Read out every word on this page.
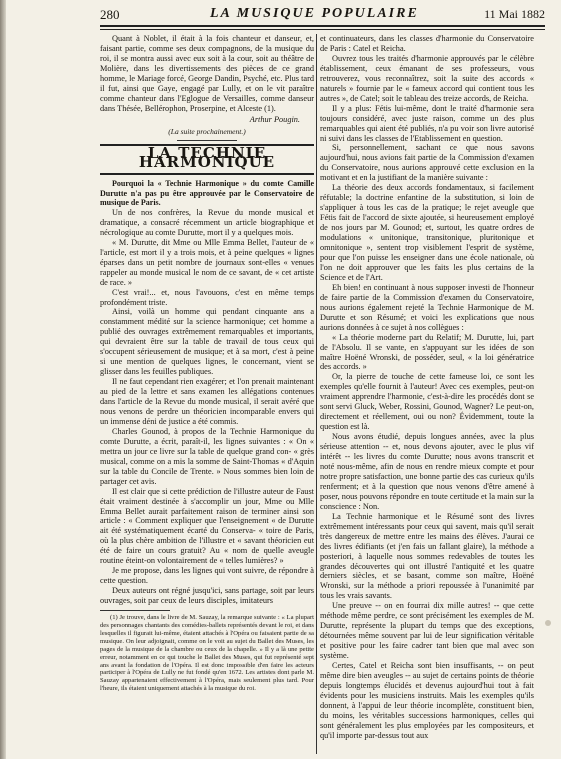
280	LA MUSIQUE POPULAIRE	11 Mai 1882

Quant à Noblet, il était à la fois chanteur et danseur, et, faisant partie, comme ses deux compagnons, de la musique du roi, il se montra aussi avec eux soit à la cour, soit au théâtre de Molière, dans les divertissements des pièces de ce grand homme, le Mariage forcé, George Dandin, Psyché, etc. Plus tard il fut, ainsi que Gaye, engagé par Lully, et on le vit paraître comme chanteur dans l'Eglogue de Versailles, comme danseur dans Thésée, Bellérophon, Proserpine, et Alceste (1).

Arthur Pougin.

(La suite prochainement.)

LA TECHNIE HARMONIQUE

Pourquoi la « Technie Harmonique » du comte Camille Durutte n'a pas pu être approuvée par le Conservatoire de musique de Paris.

Un de nos confrères, la Revue du monde musical et dramatique, a consacré récemment un article biographique et nécrologique au comte Durutte, mort il y a quelques mois.

« M. Durutte, dit Mme ou Mlle Emma Bellet, l'auteur de « l'article, est mort il y a trois mois, et à peine quelques « lignes éparses dans un petit nombre de journaux sont-elles « venues rappeler au monde musical le nom de ce savant, de « cet artiste de race. »

C'est vrai!... et, nous l'avouons, c'est en même temps profondément triste.

Ainsi, voilà un homme qui pendant cinquante ans a constamment médité sur la science harmonique; cet homme a publié des ouvrages extrêmement remarquables et importants, qui devraient être sur la table de travail de tous ceux qui s'occupent sérieusement de musique; et à sa mort, c'est à peine si une mention de quelques lignes, le concernant, vient se glisser dans les feuilles publiques.

Il ne faut cependant rien exagérer; et l'on prenait maintenant au pied de la lettre et sans examen les allégations contenues dans l'article de la Revue du monde musical, il serait avéré que nous venons de perdre un théoricien incomparable envers qui un immense déni de justice a été commis.

Charles Gounod, à propos de la Technie Harmonique du comte Durutte, a écrit, paraît-il, les lignes suivantes : « On « mettra un jour ce livre sur la table de quelque grand con- « grès musical, comme on a mis la somme de Saint-Thomas « d'Aquin sur la table du Concile de Trente. » Nous sommes bien loin de partager cet avis.

Il est clair que si cette prédiction de l'illustre auteur de Faust était vraiment destinée à s'accomplir un jour, Mme ou Mlle Emma Bellet aurait parfaitement raison de terminer ainsi son article : « Comment expliquer que l'enseignement « de Durutte ait été systématiquement écarté du Conserva- « toire de Paris, où la plus chère ambition de l'illustre et « savant théoricien eut été de faire un cours gratuit? Au « nom de quelle aveugle routine éteint-on volontairement de « telles lumières? »

Je me propose, dans les lignes qui vont suivre, de répondre à cette question.

Deux auteurs ont régné jusqu'ici, sans partage, soit par leurs ouvrages, soit par ceux de leurs disciples, imitateurs

(1) Je trouve, dans le livre de M. Sauzay, la remarque suivante : « La plupart des personnages chantants des comédies-ballets représentés devant le roi, et dans lesquelles il figurait lui-même, étaient attachés à l'Opéra ou faisaient partie de sa musique. On leur adjoignait, comme on le voit au sujet du Ballet des Muses, les pages de la musique de la chambre ou ceux de la chapelle. » Il y a là une petite erreur, notamment en ce qui touche le Ballet des Muses, qui fut représenté sept ans avant la fondation de l'Opéra. Il est donc impossible d'en faire les acteurs participer à l'Opéra de Lully ne fut fondé qu'en 1672. Les artistes dont parle M. Sauzay appartenaient effectivement à l'Opéra, mais seulement plus tard. Pour l'heure, ils étaient uniquement attachés à la musique du roi.

et continuateurs, dans les classes d'harmonie du Conservatoire de Paris : Catel et Reicha.

Ouvrez tous les traités d'harmonie approuvés par le célèbre établissement, ceux émanant de ses professeurs, vous retrouverez, vous reconnaîtrez, soit la suite des accords « naturels » fournie par le « fameux accord qui contient tous les autres », de Catel; soit le tableau des treize accords, de Reicha.

Il y a plus: Fétis lui-même, dont le traité d'harmonie sera toujours considéré, avec juste raison, comme un des plus remarquables qui aient été publiés, n'a pu voir son livre autorisé ni suivi dans les classes de l'Etablissement en question.

Si, personnellement, sachant ce que nous savons aujourd'hui, nous avions fait partie de la Commission d'examen du Conservatoire, nous aurions approuvé cette exclusion en la motivant et en la justifiant de la manière suivante :

La théorie des deux accords fondamentaux, si facilement réfutable; la doctrine enfantine de la substitution, si loin de s'appliquer à tous les cas de la pratique; le rejet aveugle que Fétis fait de l'accord de sixte ajoutée, si heureusement employé de nos jours par M. Gounod; et, surtout, les quatre ordres de modulations « unitonique, transitonique, pluritonique et omnitonique », sentent trop visiblement l'esprit de système, pour que l'on puisse les enseigner dans une école nationale, où l'on ne doit approuver que les faits les plus certains de la Science et de l'Art.

Eh bien! en continuant à nous supposer investi de l'honneur de faire partie de la Commission d'examen du Conservatoire, nous aurions également rejeté la Technie Harmonique de M. Durutte et son Résumé; et voici les explications que nous aurions données à ce sujet à nos collègues :

« La théorie moderne part du Relatif; M. Durutte, lui, part de l'Absolu. Il se vante, en s'appuyant sur les idées de son maître Hoëné Wronski, de posséder, seul, « la loi génératrice des accords. »

Or, la pierre de touche de cette fameuse loi, ce sont les exemples qu'elle fournit à l'auteur! Avec ces exemples, peut-on vraiment apprendre l'harmonie, c'est-à-dire les procédés dont se sont servi Gluck, Weber, Rossini, Gounod, Wagner? Le peut-on, directement et réellement, oui ou non? Évidemment, toute la question est là.

Nous avons étudié, depuis longues années, avec la plus sérieuse attention -- et, nous devons ajouter, avec le plus vif intérêt -- les livres du comte Durutte; nous avons transcrit et noté nous-même, afin de nous en rendre mieux compte et pour notre propre satisfaction, une bonne partie des cas curieux qu'ils renferment; et à la question que nous venons d'être amené à poser, nous pouvons répondre en toute certitude et la main sur la conscience : Non.

La Technie harmonique et le Résumé sont des livres extrêmement intéressants pour ceux qui savent, mais qu'il serait très dangereux de mettre entre les mains des élèves. J'aurai ce des livres édifiants (et j'en fais un fallant glaire), la méthode a posteriori, à laquelle nous sommes redevables de toutes les grandes découvertes qui ont illustré l'antiquité et les quatre derniers siècles, et se basant, comme son maître, Hoëné Wronski, sur la méthode a priori repoussée à l'unanimité par tous les vrais savants.

Une preuve -- on en fourrai dix mille autres! -- que cette méthode même perdre, ce sont précisément les exemples de M. Durutte, représente la plupart du temps que des exceptions, détournées même souvent par lui de leur signification véritable et positive pour les faire cadrer tant bien que mal avec son système.

Certes, Catel et Reicha sont bien insuffisants, -- on peut même dire bien aveugles -- au sujet de certains points de théorie depuis longtemps élucidés et devenus aujourd'hui tout à fait évidents pour les musiciens instruits. Mais les exemples qu'ils donnent, à l'appui de leur théorie incomplète, constituent bien, du moins, les véritables successions harmoniques, celles qui sont généralement les plus employées par les compositeurs, et qu'il importe par-dessus tout aux
